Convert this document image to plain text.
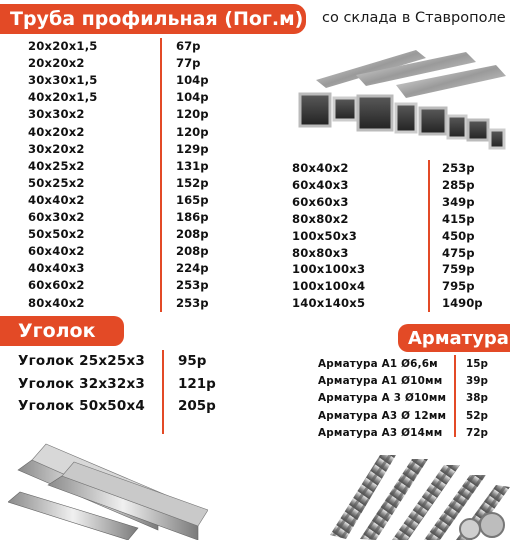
Труба профильная (Пог.м) со склада в Ставрополе
20x20x1,5	67р
20x20x2	77р
30x30x1,5	104р
40x20x1,5	104р
30x30x2	120р
40x20x2	120р
30x20x2	129р
40x25x2	131р
50x25x2	152р
40x40x2	165р
60x30x2	186р
50x50x2	208р
60x40x2	208р
40x40x3	224р
60x60x2	253р
80x40x2	253р
80x40x2	253р
60x40x3	285р
60x60x3	349р
80x80x2	415р
100x50x3	450р
80x80x3	475р
100x100x3	759р
100x100x4	795р
140x140x5	1490р
Уголок
Уголок 25x25x3 95р
Уголок 32x32x3 121р
Уголок 50x50x4 205р
Арматура
Арматура А1 Ø6,6м	15р
Арматура А1 Ø10мм 39р
Арматура А 3 Ø10мм 38р
Арматура А3 Ø 12мм 52р
Арматура А3 Ø14мм 72р
